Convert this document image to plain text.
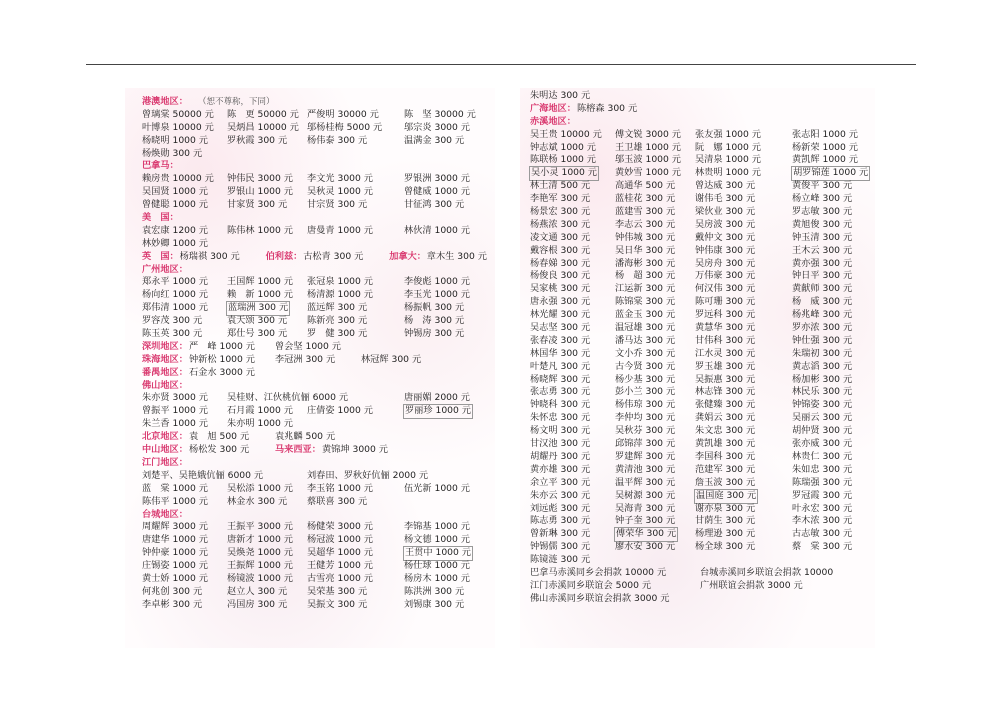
港澳地区： （恕不尊称，下同）
曾璃棠 50000 元 陈　更 50000 元 严俊明 30000 元	陈　坚 30000 元
叶博泉 10000 元 吴炳昌 10000 元 邬杨桂梅 5000 元 邬宗炎 3000 元
杨晓明 1000 元 罗秋霞 300 元 杨伟泰 300 元	温满金 300 元
杨焕勋 300 元
巴拿马：
赖房贵 10000 元 钟伟民 3000 元 李文光 3000 元	罗银洲 3000 元
吴国贤 1000 元 罗银山 1000 元 吴秋灵 1000 元	曾健威 1000 元
曾健聪 1000 元 甘家贤 300 元 甘宗贤 300 元	甘征鸿 300 元
美　国：
袁宏康 1200 元 陈伟林 1000 元 唐曼青 1000 元	林伙清 1000 元
林妙卿 1000 元
英　国： 杨瑞祺 300 元	伯利兹： 古松青 300 元	加拿大： 章木生 300 元
广州地区：
郑永平 1000 元 王国辉 1000 元 张冠泉 1000 元	李俊彪 1000 元
杨向红 1000 元 赖　新 1000 元 杨清源 1000 元	李玉光 1000 元
郑伟清 1000 元 蓝瑞洲 300 元 蓝远辉 300 元	杨振帆 300 元
罗容茂 300 元	袁天颂 300 元 陈新亮 300 元	杨　涛 300 元
陈玉英 300 元	郑仕号 300 元 罗　健 300 元	钟锡房 300 元
深圳地区： 严　峰 1000 元 曾会坚 1000 元
珠海地区： 钟新松 1000 元 李冠洲 300 元	林冠辉 300 元
番禺地区： 石金水 3000 元
佛山地区：
朱亦贤 3000 元 吴桂财、江伙桃伉俪 6000 元	唐丽媚 2000 元
曾振平 1000 元 石月霞 1000 元 庄倩姿 1000 元	罗丽珍 1000 元
朱兰香 1000 元 朱亦明 1000 元
北京地区： 袁　旭 500 元	袁兆麟 500 元
中山地区： 杨松发 300 元	马来西亚： 黄锦坤 3000 元
江门地区：
刘楚平、吴艳娥伉俪 6000 元	刘春田、罗秋好伉俪 2000 元
蓝　棠 1000 元 吴松添 1000 元 李玉铭 1000 元	伍光新 1000 元
陈伟平 1000 元 林金水 300 元 蔡联喜 300 元
台城地区：
周耀辉 3000 元 王振平 3000 元 杨健荣 3000 元	李锦基 1000 元
唐建华 1000 元 唐新才 1000 元 杨冠波 1000 元	杨文德 1000 元
钟仲豪 1000 元 吴焕尧 1000 元 吴超华 1000 元	王贯中 1000 元
庄锡姿 1000 元 王振辉 1000 元 王健芳 1000 元	杨仕球 1000 元
黄士娇 1000 元 杨镜波 1000 元 古雪亮 1000 元	杨房木 1000 元
何兆创 300 元	赵立人 300 元 吴荣基 300 元	陈洪洲 300 元
李卓彬 300 元	冯国房 300 元 吴振文 300 元	刘锡康 300 元
朱明达 300 元
广海地区： 陈榕森 300 元
赤溪地区：
吴王贵 10000 元 傅文锐 3000 元 张友强 1000 元	张志阳 1000 元
钟志斌 1000 元 王卫雄 1000 元 阮　娜 1000 元	杨新荣 1000 元
陈联杨 1000 元 邬玉波 1000 元 吴清泉 1000 元	黄凯辉 1000 元
吴小灵 1000 元 黄妙雪 1000 元 林贵明 1000 元	胡罗锦莲 1000 元
林土清 500 元	高通华 500 元 曾达威 300 元	黄俊平 300 元
李艳军 300 元	蓝桂花 300 元 谢伟毛 300 元	杨立峰 300 元
杨景宏 300 元	蓝建雪 300 元 梁伙业 300 元	罗志敏 300 元
杨燕浓 300 元	李志云 300 元 吴房波 300 元	黄旭俊 300 元
凌文通 300 元	钟伟城 300 元 戴仲文 300 元	钟玉清 300 元
戴容根 300 元	吴日华 300 元 钟伟康 300 元	王木云 300 元
杨春娣 300 元	潘海彬 300 元 吴房舟 300 元	黄亦强 300 元
杨俊良 300 元	杨　超 300 元 万伟豪 300 元	钟日平 300 元
吴家桃 300 元	江运新 300 元 何汉伟 300 元	黄献师 300 元
唐永强 300 元	陈锦棠 300 元 陈可珊 300 元	杨　威 300 元
林光耀 300 元	蓝金玉 300 元 罗远科 300 元	杨兆峰 300 元
吴志坚 300 元	温冠雄 300 元 黄慧华 300 元	罗亦浓 300 元
张春凌 300 元	潘马达 300 元 甘伟科 300 元	钟仕强 300 元
林国华 300 元	文小乔 300 元 江水灵 300 元	朱瑞初 300 元
叶楚凡 300 元	古今贤 300 元 罗玉雄 300 元	黄志滔 300 元
杨晓辉 300 元	杨少基 300 元 吴振惠 300 元	杨加彬 300 元
张志勇 300 元	彭小兰 300 元 林志锋 300 元	林民乐 300 元
钟晓科 300 元	杨伟琼 300 元 张健臻 300 元	钟锦姿 300 元
朱怀忠 300 元	李仲均 300 元 龚娟云 300 元	吴丽云 300 元
杨文明 300 元	吴秋芬 300 元 朱文忠 300 元	胡仲贤 300 元
甘汉池 300 元	邱锦萍 300 元 黄凯雄 300 元	张亦威 300 元
胡耀丹 300 元	罗建辉 300 元 李国科 300 元	林贵仁 300 元
黄亦雄 300 元	黄清池 300 元 范建军 300 元	朱如忠 300 元
余立平 300 元	温平辉 300 元 詹玉波 300 元	陈瑞强 300 元
朱亦云 300 元	吴树源 300 元 温国庭 300 元	罗冠霞 300 元
刘远彪 300 元	吴海青 300 元 谢亦泉 300 元	叶永宏 300 元
陈志勇 300 元	钟子奎 300 元 甘荫生 300 元	李木浓 300 元
曾新琳 300 元	傅荣华 300 元 杨理逊 300 元	古志敏 300 元
钟锡儒 300 元	廖水安 300 元 杨全球 300 元	蔡　棠 300 元
陈镜涟 300 元
巴拿马赤溪同乡会捐款 10000 元	台城赤溪同乡联谊会捐款 10000
江门赤溪同乡联谊会 5000 元	广州联谊会捐款 3000 元
佛山赤溪同乡联谊会捐款 3000 元
